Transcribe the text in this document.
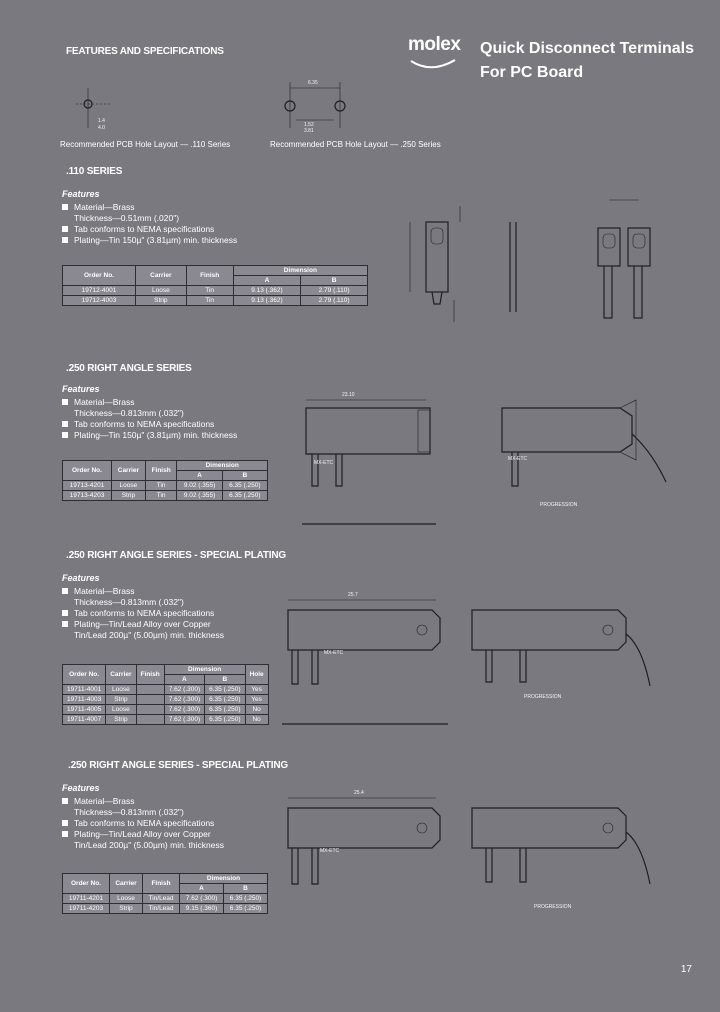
molex Quick Disconnect Terminals
For PC Board
FEATURES AND SPECIFICATIONS
1.4
4.0
Recommended PCB Hole Layout — .110 Series
6.35
1.52
3.81
Recommended PCB Hole Layout — .250 Series
.110 SERIES
Features
Material—Brass
Thickness—0.51mm (.020")
Tab conforms to NEMA specifications
Plating—Tin 150µ" (3.81µm) min. thickness
Order No.	Carrier	Finish	Dimension	
			A	B
19712-4001	Loose	Tin	9.13 (.362)	2.79 (.110)
19712-4003	Strip	Tin	9.13 (.362)	2.79 (.110)
.250 RIGHT ANGLE SERIES
Features
Material—Brass
Thickness—0.813mm (.032")
Tab conforms to NEMA specifications
Plating—Tin 150µ" (3.81µm) min. thickness
Order No.	Carrier	Finish	Dimension	
			A	B
19713-4201	Loose	Tin	9.02 (.355)	6.35 (.250)
19713-4203	Strip	Tin	9.02 (.355)	6.35 (.250)
23.10
MX-ETC
MX-ETC
PROGRESSION
.250 RIGHT ANGLE SERIES - SPECIAL PLATING
Features
Material—Brass
Thickness—0.813mm (.032")
Tab conforms to NEMA specifications
Plating—Tin/Lead Alloy over Copper
Tin/Lead 200µ" (5.00µm) min. thickness
Order No.	Carrier	Finish	Dimension		Hole
			A	B	
19711-4001	Loose		7.62 (.300)	6.35 (.250)	Yes
19711-4003	Strip		7.62 (.300)	6.35 (.250)	Yes
19711-4005	Loose		7.62 (.300)	6.35 (.250)	No
19711-4007	Strip		7.62 (.300)	6.35 (.250)	No
25.7
MX-ETC
PROGRESSION
.250 RIGHT ANGLE SERIES - SPECIAL PLATING
Features
Material—Brass
Thickness—0.813mm (.032")
Tab conforms to NEMA specifications
Plating—Tin/Lead Alloy over Copper
Tin/Lead 200µ" (5.00µm) min. thickness
Order No.	Carrier	Finish	Dimension	
			A	B
19711-4201	Loose	Tin/Lead	7.62 (.300)	6.35 (.250)
19711-4203	Strip	Tin/Lead	9.15 (.360)	6.35 (.250)
25.4
MX-ETC
PROGRESSION
17
